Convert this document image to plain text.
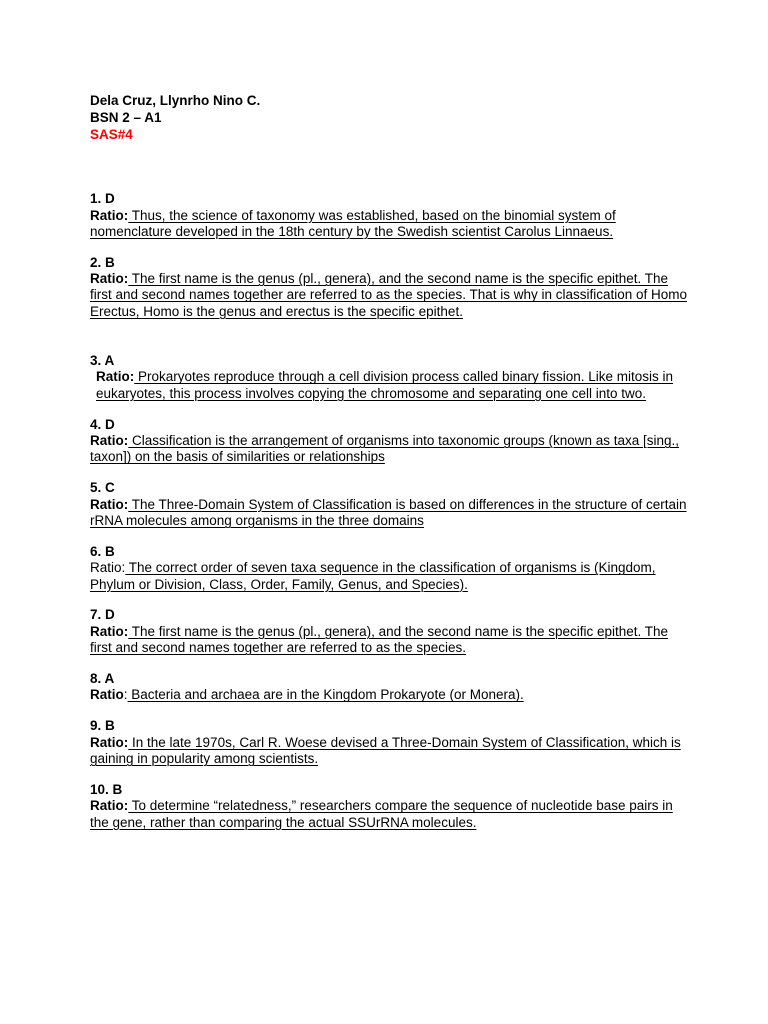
Dela Cruz, Llynrho Nino C.
BSN 2 – A1
SAS#4
1. D
Ratio: Thus, the science of taxonomy was established, based on the binomial system of nomenclature developed in the 18th century by the Swedish scientist Carolus Linnaeus.
2. B
Ratio: The first name is the genus (pl., genera), and the second name is the specific epithet. The first and second names together are referred to as the species. That is why in classification of Homo Erectus, Homo is the genus and erectus is the specific epithet.
3. A
Ratio: Prokaryotes reproduce through a cell division process called binary fission. Like mitosis in eukaryotes, this process involves copying the chromosome and separating one cell into two.
4. D
Ratio: Classification is the arrangement of organisms into taxonomic groups (known as taxa [sing., taxon]) on the basis of similarities or relationships
5. C
Ratio: The Three-Domain System of Classification is based on differences in the structure of certain rRNA molecules among organisms in the three domains
6. B
Ratio: The correct order of seven taxa sequence in the classification of organisms is (Kingdom, Phylum or Division, Class, Order, Family, Genus, and Species).
7. D
Ratio: The first name is the genus (pl., genera), and the second name is the specific epithet. The first and second names together are referred to as the species.
8. A
Ratio: Bacteria and archaea are in the Kingdom Prokaryote (or Monera).
9. B
Ratio: In the late 1970s, Carl R. Woese devised a Three-Domain System of Classification, which is gaining in popularity among scientists.
10. B
Ratio: To determine “relatedness,” researchers compare the sequence of nucleotide base pairs in the gene, rather than comparing the actual SSUrRNA molecules.
